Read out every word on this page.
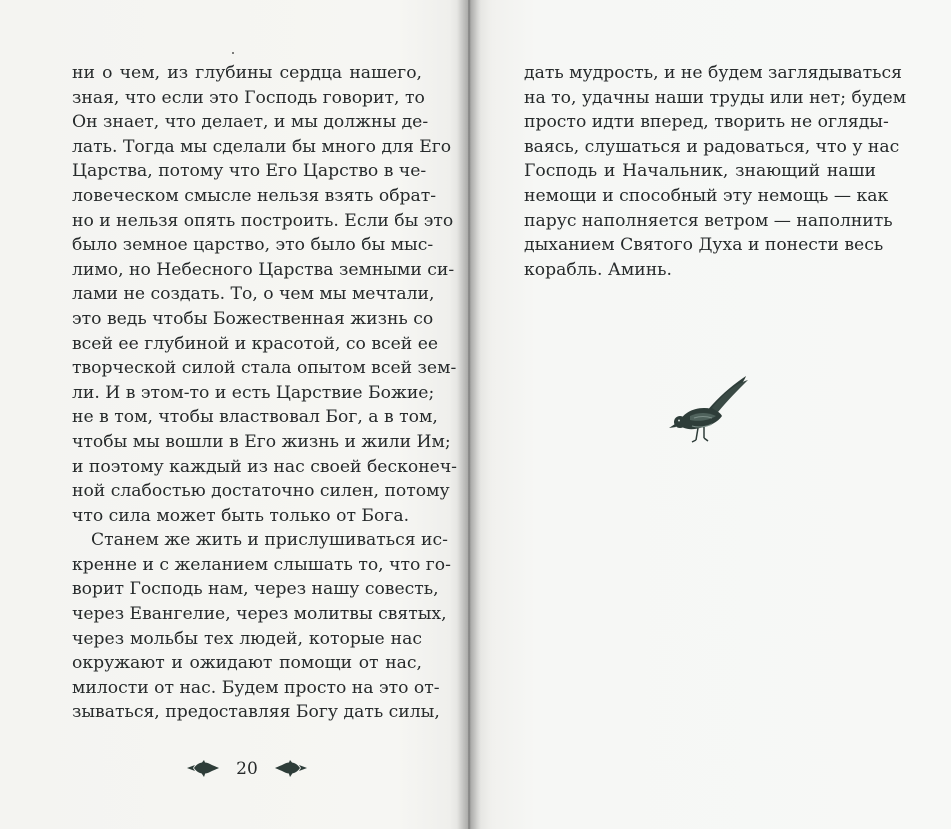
ни о чем, из глубины сердца нашего,
зная, что если это Господь говорит, то
Он знает, что делает, и мы должны де-
лать. Тогда мы сделали бы много для Его
Царства, потому что Его Царство в че-
ловеческом смысле нельзя взять обрат-
но и нельзя опять построить. Если бы это
было земное царство, это было бы мыс-
лимо, но Небесного Царства земными си-
лами не создать. То, о чем мы мечтали,
это ведь чтобы Божественная жизнь со
всей ее глубиной и красотой, со всей ее
творческой силой стала опытом всей зем-
ли. И в этом-то и есть Царствие Божие;
не в том, чтобы властвовал Бог, а в том,
чтобы мы вошли в Его жизнь и жили Им;
и поэтому каждый из нас своей бесконеч-
ной слабостью достаточно силен, потому
что сила может быть только от Бога.
Станем же жить и прислушиваться ис-
кренне и с желанием слышать то, что го-
ворит Господь нам, через нашу совесть,
через Евангелие, через молитвы святых,
через мольбы тех людей, которые нас
окружают и ожидают помощи от нас,
милости от нас. Будем просто на это от-
зываться, предоставляя Богу дать силы,
20
дать мудрость, и не будем заглядываться
на то, удачны наши труды или нет; будем
просто идти вперед, творить не огляды-
ваясь, слушаться и радоваться, что у нас
Господь и Начальник, знающий наши
немощи и способный эту немощь — как
парус наполняется ветром — наполнить
дыханием Святого Духа и понести весь
корабль. Аминь.
